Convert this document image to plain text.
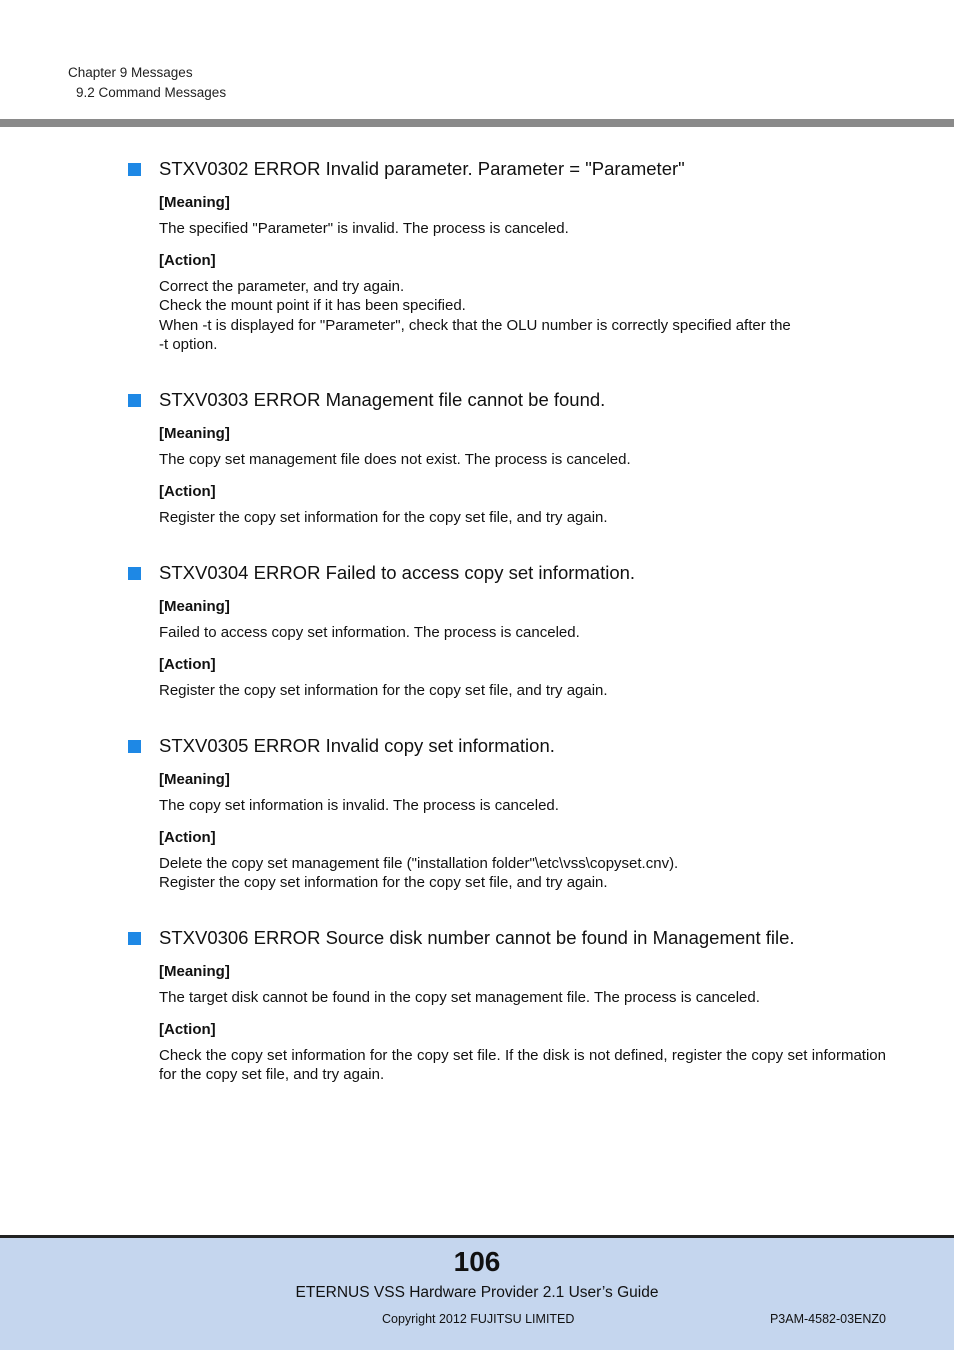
Chapter 9 Messages
9.2 Command Messages
STXV0302 ERROR Invalid parameter. Parameter = "Parameter"
[Meaning]
The specified "Parameter" is invalid. The process is canceled.
[Action]
Correct the parameter, and try again.
Check the mount point if it has been specified.
When -t is displayed for "Parameter", check that the OLU number is correctly specified after the
-t option.
STXV0303 ERROR Management file cannot be found.
[Meaning]
The copy set management file does not exist. The process is canceled.
[Action]
Register the copy set information for the copy set file, and try again.
STXV0304 ERROR Failed to access copy set information.
[Meaning]
Failed to access copy set information. The process is canceled.
[Action]
Register the copy set information for the copy set file, and try again.
STXV0305 ERROR Invalid copy set information.
[Meaning]
The copy set information is invalid. The process is canceled.
[Action]
Delete the copy set management file ("installation folder"\etc\vss\copyset.cnv).
Register the copy set information for the copy set file, and try again.
STXV0306 ERROR Source disk number cannot be found in Management file.
[Meaning]
The target disk cannot be found in the copy set management file. The process is canceled.
[Action]
Check the copy set information for the copy set file. If the disk is not defined, register the copy set information for the copy set file, and try again.
106
ETERNUS VSS Hardware Provider 2.1 User’s Guide
Copyright 2012 FUJITSU LIMITED	P3AM-4582-03ENZ0
